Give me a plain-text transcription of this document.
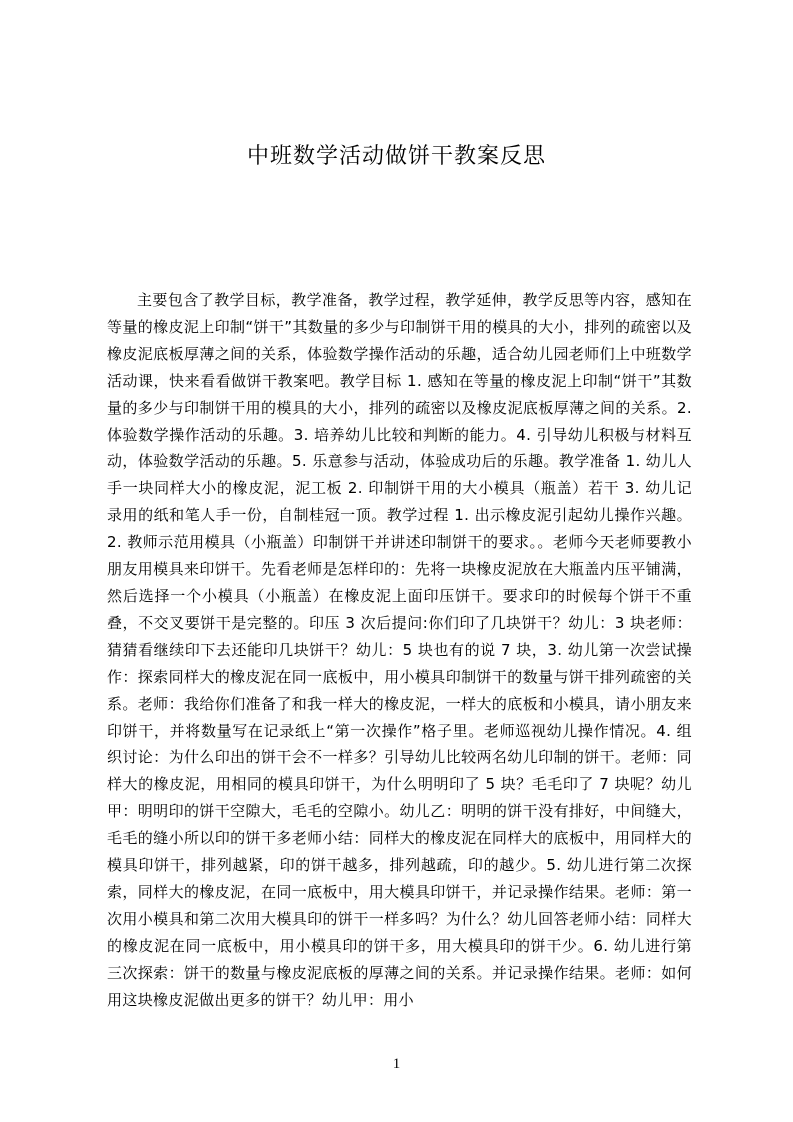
中班数学活动做饼干教案反思

主要包含了教学目标，教学准备，教学过程，教学延伸，教学反思等内容，感知在等量的橡皮泥上印制“饼干”其数量的多少与印制饼干用的模具的大小，排列的疏密以及橡皮泥底板厚薄之间的关系，体验数学操作活动的乐趣，适合幼儿园老师们上中班数学活动课，快来看看做饼干教案吧。教学目标 1. 感知在等量的橡皮泥上印制“饼干”其数量的多少与印制饼干用的模具的大小，排列的疏密以及橡皮泥底板厚薄之间的关系。2. 体验数学操作活动的乐趣。3. 培养幼儿比较和判断的能力。4. 引导幼儿积极与材料互动，体验数学活动的乐趣。5. 乐意参与活动，体验成功后的乐趣。教学准备 1. 幼儿人手一块同样大小的橡皮泥，泥工板 2. 印制饼干用的大小模具（瓶盖）若干 3. 幼儿记录用的纸和笔人手一份，自制桂冠一顶。教学过程 1. 出示橡皮泥引起幼儿操作兴趣。2. 教师示范用模具（小瓶盖）印制饼干并讲述印制饼干的要求。。老师今天老师要教小朋友用模具来印饼干。先看老师是怎样印的：先将一块橡皮泥放在大瓶盖内压平铺满，然后选择一个小模具（小瓶盖）在橡皮泥上面印压饼干。要求印的时候每个饼干不重叠，不交叉要饼干是完整的。印压 3 次后提问:你们印了几块饼干？幼儿：3 块老师：猜猜看继续印下去还能印几块饼干？幼儿：5 块也有的说 7 块，3. 幼儿第一次尝试操作：探索同样大的橡皮泥在同一底板中，用小模具印制饼干的数量与饼干排列疏密的关系。老师：我给你们准备了和我一样大的橡皮泥，一样大的底板和小模具，请小朋友来印饼干，并将数量写在记录纸上“第一次操作”格子里。老师巡视幼儿操作情况。4. 组织讨论：为什么印出的饼干会不一样多？引导幼儿比较两名幼儿印制的饼干。老师：同样大的橡皮泥，用相同的模具印饼干，为什么明明印了 5 块？毛毛印了 7 块呢？幼儿甲：明明印的饼干空隙大，毛毛的空隙小。幼儿乙：明明的饼干没有排好，中间缝大，毛毛的缝小所以印的饼干多老师小结：同样大的橡皮泥在同样大的底板中，用同样大的模具印饼干，排列越紧，印的饼干越多，排列越疏，印的越少。5. 幼儿进行第二次探索，同样大的橡皮泥，在同一底板中，用大模具印饼干，并记录操作结果。老师：第一次用小模具和第二次用大模具印的饼干一样多吗？为什么？幼儿回答老师小结：同样大的橡皮泥在同一底板中，用小模具印的饼干多，用大模具印的饼干少。6. 幼儿进行第三次探索：饼干的数量与橡皮泥底板的厚薄之间的关系。并记录操作结果。老师：如何用这块橡皮泥做出更多的饼干？幼儿甲：用小

1
